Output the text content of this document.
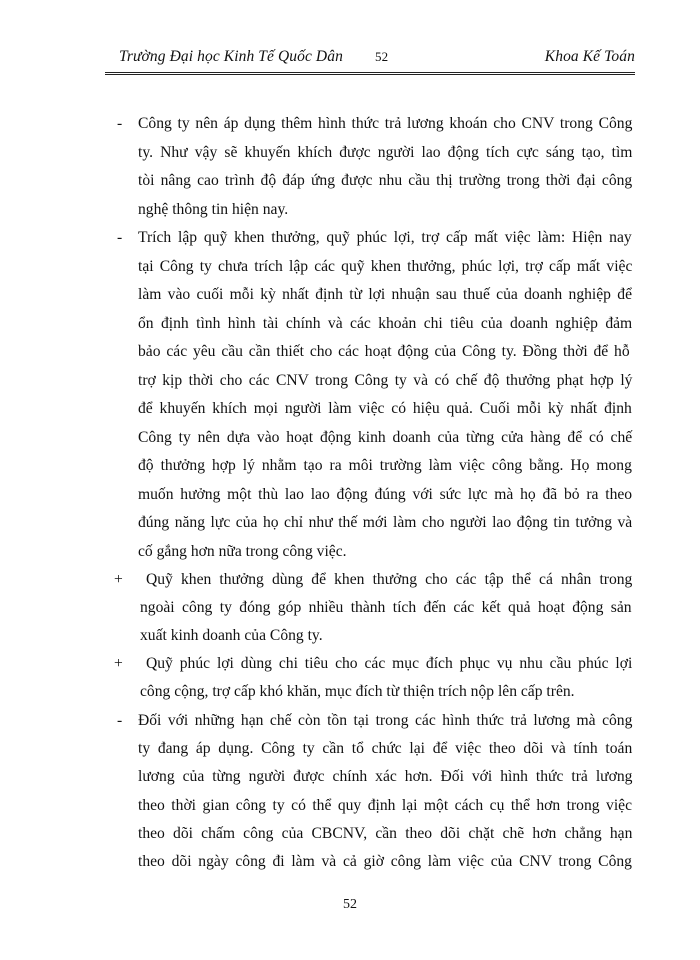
Trường Đại học Kinh Tế Quốc Dân 52	Khoa Kế Toán
- Công ty nên áp dụng thêm hình thức trả lương khoán cho CNV trong Công
ty. Như vậy sẽ khuyến khích được người lao động tích cực sáng tạo, tìm
tòi nâng cao trình độ đáp ứng được nhu cầu thị trường trong thời đại công
nghệ thông tin hiện nay.
- Trích lập quỹ khen thưởng, quỹ phúc lợi, trợ cấp mất việc làm: Hiện nay
tại Công ty chưa trích lập các quỹ khen thưởng, phúc lợi, trợ cấp mất việc
làm vào cuối mỗi kỳ nhất định từ lợi nhuận sau thuế của doanh nghiệp để
ổn định tình hình tài chính và các khoản chi tiêu của doanh nghiệp đảm
bảo các yêu cầu cần thiết cho các hoạt động của Công ty. Đồng thời để hỗ
trợ kịp thời cho các CNV trong Công ty và có chế độ thưởng phạt hợp lý
để khuyến khích mọi người làm việc có hiệu quả. Cuối mỗi kỳ nhất định
Công ty nên dựa vào hoạt động kinh doanh của từng cửa hàng để có chế
độ thưởng hợp lý nhằm tạo ra môi trường làm việc công bằng. Họ mong
muốn hưởng một thù lao lao động đúng với sức lực mà họ đã bỏ ra theo
đúng năng lực của họ chỉ như thế mới làm cho người lao động tin tưởng và
cố gắng hơn nữa trong công việc.
+ Quỹ khen thưởng dùng để khen thưởng cho các tập thể cá nhân trong
ngoài công ty đóng góp nhiều thành tích đến các kết quả hoạt động sản
xuất kinh doanh của Công ty.
+ Quỹ phúc lợi dùng chi tiêu cho các mục đích phục vụ nhu cầu phúc lợi
công cộng, trợ cấp khó khăn, mục đích từ thiện trích nộp lên cấp trên.
- Đối với những hạn chế còn tồn tại trong các hình thức trả lương mà công
ty đang áp dụng. Công ty cần tổ chức lại để việc theo dõi và tính toán
lương của từng người được chính xác hơn. Đối với hình thức trả lương
theo thời gian công ty có thể quy định lại một cách cụ thể hơn trong việc
theo dõi chấm công của CBCNV, cần theo dõi chặt chẽ hơn chẳng hạn
theo dõi ngày công đi làm và cả giờ công làm việc của CNV trong Công
52
